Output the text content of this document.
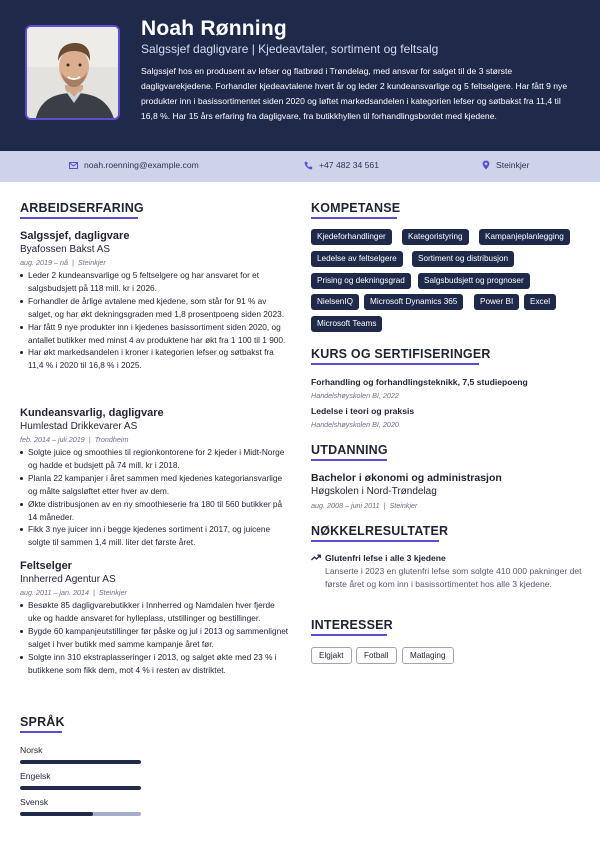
Noah Rønning
Salgssjef dagligvare | Kjedeavtaler, sortiment og feltsalg
Salgssjef hos en produsent av lefser og flatbrød i Trøndelag, med ansvar for salget til de 3 største dagligvarekjedene. Forhandler kjedeavtalene hvert år og leder 2 kundeansvarlige og 5 feltselgere. Har fått 9 nye produkter inn i basissortimentet siden 2020 og løftet markedsandelen i kategorien lefser og søtbakst fra 11,4 til 16,8 %. Har 15 års erfaring fra dagligvare, fra butikkhyllen til forhandlingsbordet med kjedene.
noah.roenning@example.com	+47 482 34 561	Steinkjer
ARBEIDSERFARING
Salgssjef, dagligvare
Byafossen Bakst AS
aug. 2019 – nå | Steinkjer
Leder 2 kundeansvarlige og 5 feltselgere og har ansvaret for et salgsbudsjett på 118 mill. kr i 2026.
Forhandler de årlige avtalene med kjedene, som står for 91 % av salget, og har økt dekningsgraden med 1,8 prosentpoeng siden 2023.
Har fått 9 nye produkter inn i kjedenes basissortiment siden 2020, og antallet butikker med minst 4 av produktene har økt fra 1 100 til 1 900.
Har økt markedsandelen i kroner i kategorien lefser og søtbakst fra 11,4 % i 2020 til 16,8 % i 2025.
Kundeansvarlig, dagligvare
Humlestad Drikkevarer AS
feb. 2014 – juli 2019 | Trondheim
Solgte juice og smoothies til regionkontorene for 2 kjeder i Midt-Norge og hadde et budsjett på 74 mill. kr i 2018.
Planla 22 kampanjer i året sammen med kjedenes kategoriansvarlige og målte salgsløftet etter hver av dem.
Økte distribusjonen av en ny smoothieserie fra 180 til 560 butikker på 14 måneder.
Fikk 3 nye juicer inn i begge kjedenes sortiment i 2017, og juicene solgte til sammen 1,4 mill. liter det første året.
Feltselger
Innherred Agentur AS
aug. 2011 – jan. 2014 | Steinkjer
Besøkte 85 dagligvarebutikker i Innherred og Namdalen hver fjerde uke og hadde ansvaret for hylleplass, utstillinger og bestillinger.
Bygde 60 kampanjeutstillinger før påske og jul i 2013 og sammenlignet salget i hver butikk med samme kampanje året før.
Solgte inn 310 ekstraplasseringer i 2013, og salget økte med 23 % i butikkene som fikk dem, mot 4 % i resten av distriktet.
SPRÅK
Norsk
Engelsk
Svensk
KOMPETANSE
Kjedeforhandlinger	Kategoristyring	Kampanjeplanlegging
Ledelse av feltselgere	Sortiment og distribusjon
Prising og dekningsgrad	Salgsbudsjett og prognoser
NielsenIQ	Microsoft Dynamics 365	Power BI	Excel
Microsoft Teams
KURS OG SERTIFISERINGER
Forhandling og forhandlingsteknikk, 7,5 studiepoeng
Handelshøyskolen BI, 2022
Ledelse i teori og praksis
Handelshøyskolen BI, 2020
UTDANNING
Bachelor i økonomi og administrasjon
Høgskolen i Nord-Trøndelag
aug. 2008 – juni 2011 | Steinkjer
NØKKELRESULTATER
Glutenfri lefse i alle 3 kjedene
Lanserte i 2023 en glutenfri lefse som solgte 410 000 pakninger det første året og kom inn i basissortimentet hos alle 3 kjedene.
INTERESSER
Elgjakt	Fotball	Matlaging
